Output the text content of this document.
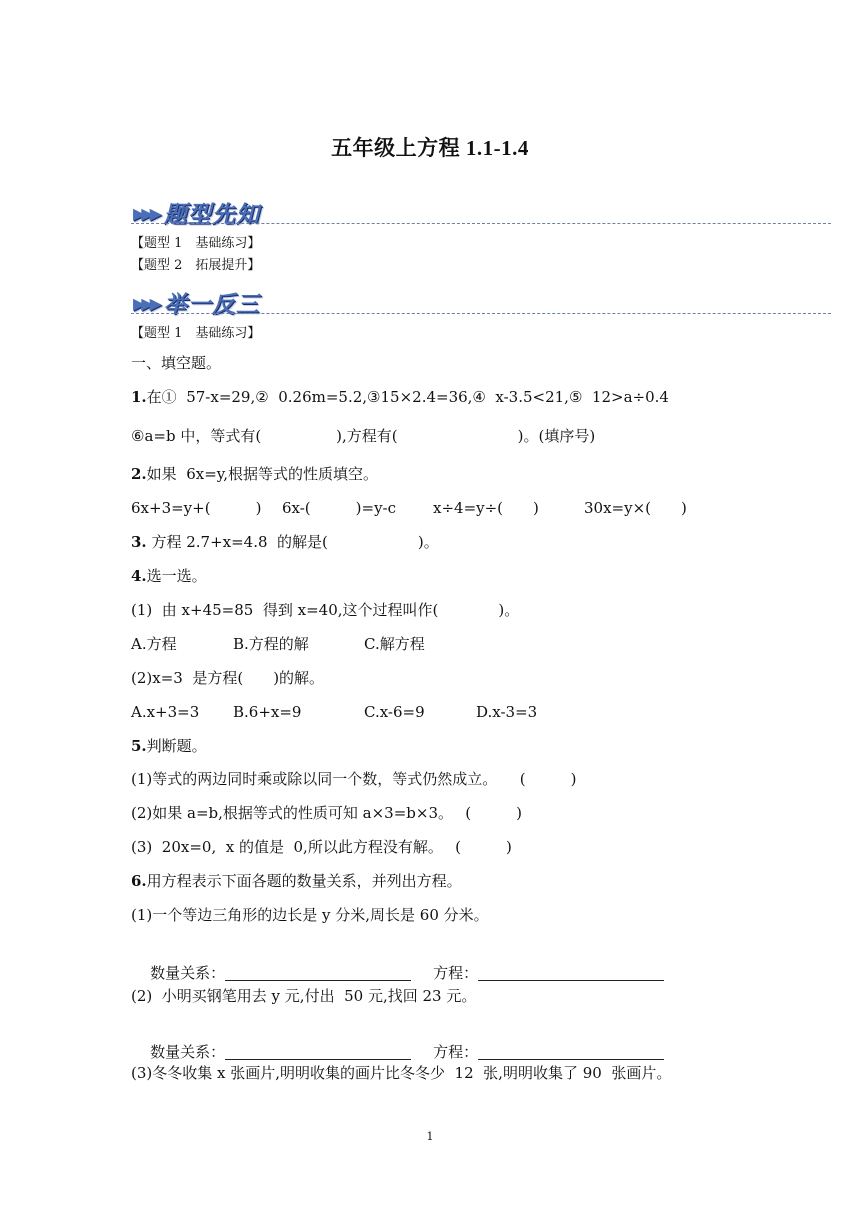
五年级上方程 1.1-1.4
▶▶▶ 题型先知
【题型 1　基础练习】
【题型 2　拓展提升】
▶▶▶ 举一反三
【题型 1　基础练习】
一、填空题。
1.在①  57-x=29,②  0.26m=5.2,③15×2.4=36,④  x-3.5<21,⑤  12>a÷0.4
⑥a=b 中，等式有(　　　　　),方程有(　　　　　　　　)。(填序号)
2.如果  6x=y,根据等式的性质填空。
6x+3=y+(　　　) 6x-(　　　)=y-c x÷4=y÷(　　)	30x=y×(　　)
3. 方程 2.7+x=4.8  的解是(　　　　　　)。
4.选一选。
(1)  由 x+45=85  得到 x=40,这个过程叫作(　　　　)。
A.方程	B.方程的解	C.解方程
(2)x=3  是方程(　　)的解。
A.x+3=3 B.6+x=9	C.x-6=9	D.x-3=3
5.判断题。
(1)等式的两边同时乘或除以同一个数，等式仍然成立。　　(　　　)
(2)如果 a=b,根据等式的性质可知 a×3=b×3。　 (　　　)
(3)  20x=0,  x 的值是  0,所以此方程没有解。　 (　　　)
6.用方程表示下面各题的数量关系，并列出方程。
(1)一个等边三角形的边长是 y 分米,周长是 60 分米。

数量关系：	方程：

(2)  小明买钢笔用去 y 元,付出  50 元,找回 23 元。

数量关系：	方程：

(3)冬冬收集 x 张画片,明明收集的画片比冬冬少  12  张,明明收集了 90  张画片。
1
